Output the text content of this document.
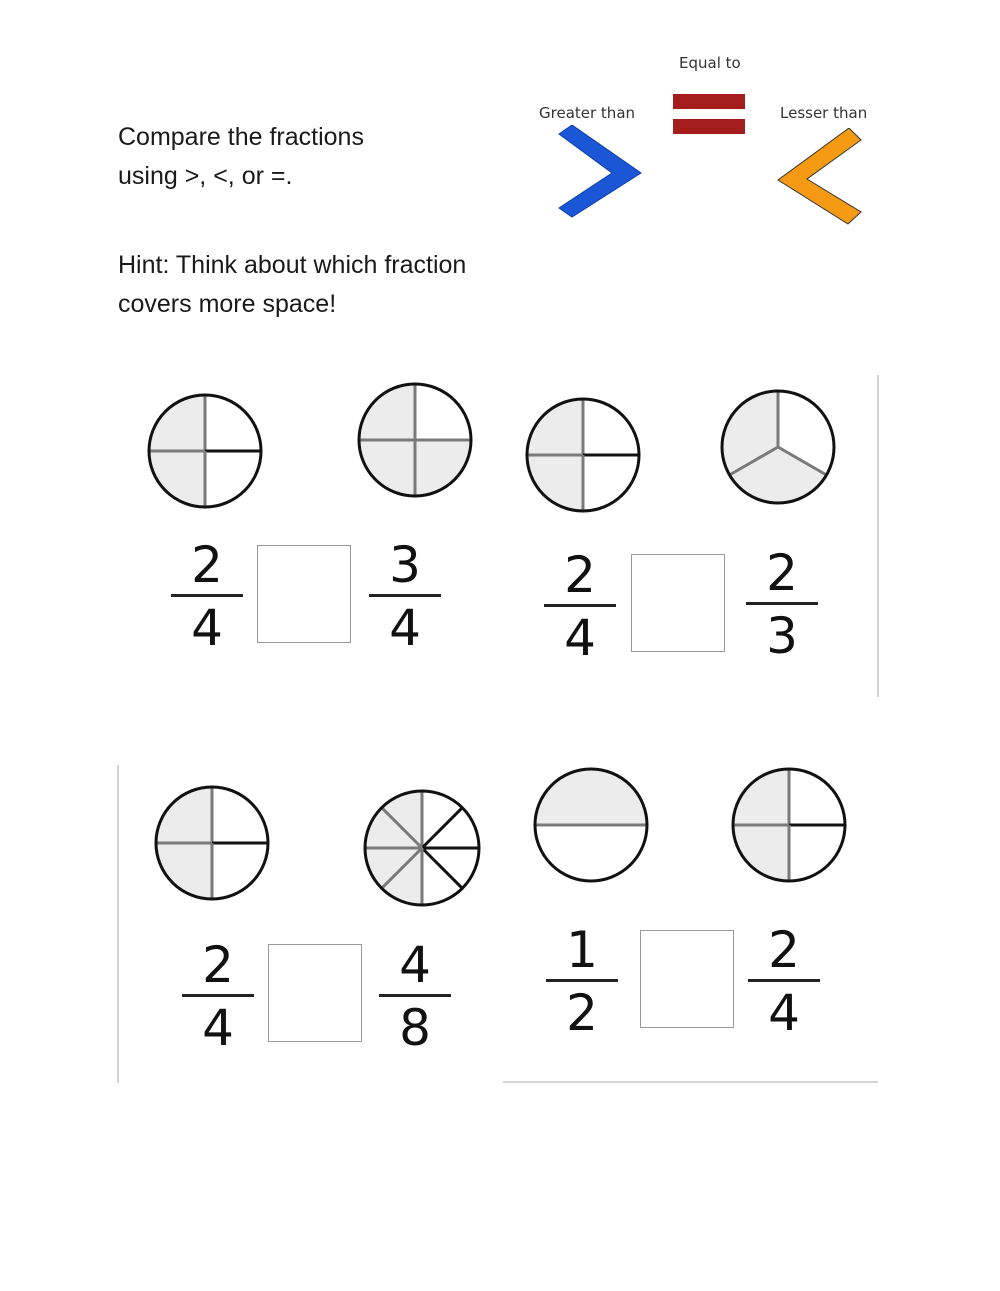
Compare the fractions
using >, <, or =.
Hint: Think about which fraction
covers more space!
Equal to
Greater than	Lesser than
2
4
3
4
2
4
2
3
2
4
4
8
1
2
2
4
